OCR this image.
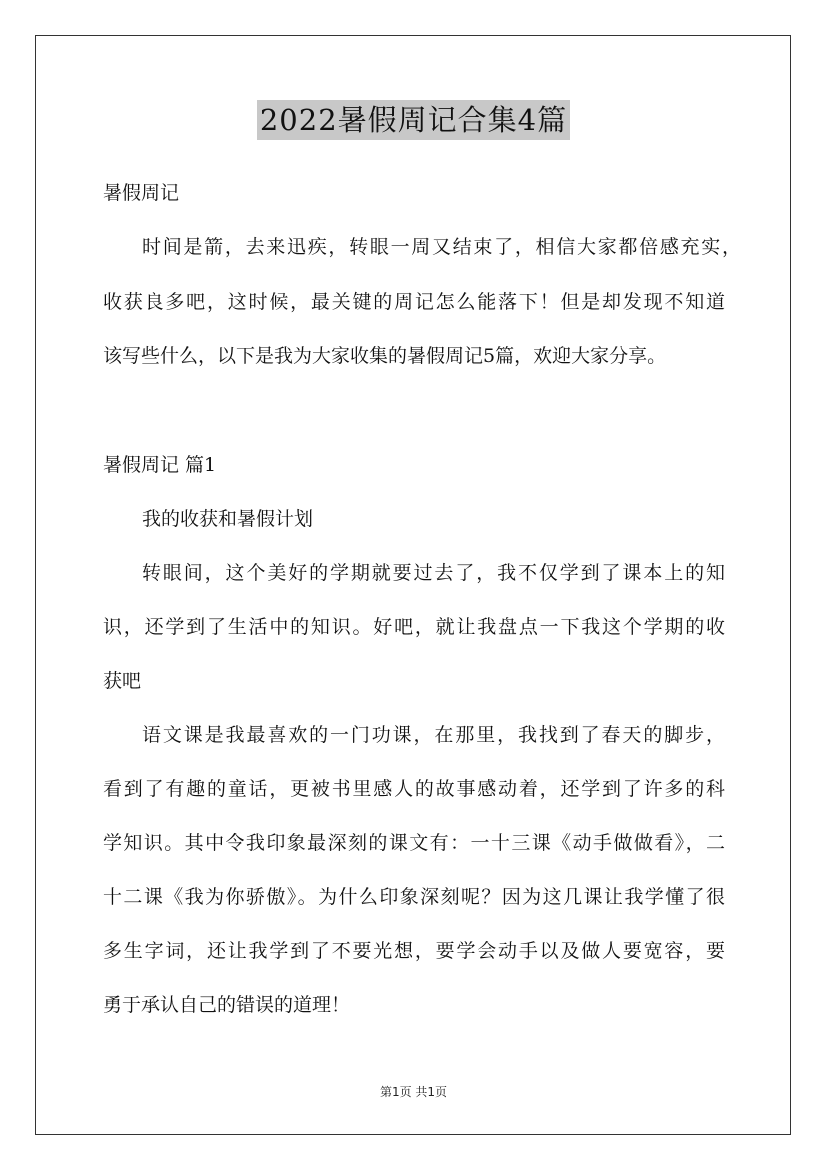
2022暑假周记合集4篇
暑假周记
时间是箭，去来迅疾，转眼一周又结束了，相信大家都倍感充实，
收获良多吧，这时候，最关键的周记怎么能落下！但是却发现不知道
该写些什么，以下是我为大家收集的暑假周记5篇，欢迎大家分享。
暑假周记 篇1
我的收获和暑假计划
转眼间，这个美好的学期就要过去了，我不仅学到了课本上的知
识，还学到了生活中的知识。好吧，就让我盘点一下我这个学期的收
获吧
语文课是我最喜欢的一门功课，在那里，我找到了春天的脚步，
看到了有趣的童话，更被书里感人的故事感动着，还学到了许多的科
学知识。其中令我印象最深刻的课文有：一十三课《动手做做看》，二
十二课《我为你骄傲》。为什么印象深刻呢？因为这几课让我学懂了很
多生字词，还让我学到了不要光想，要学会动手以及做人要宽容，要
勇于承认自己的错误的道理！
第1页 共1页
